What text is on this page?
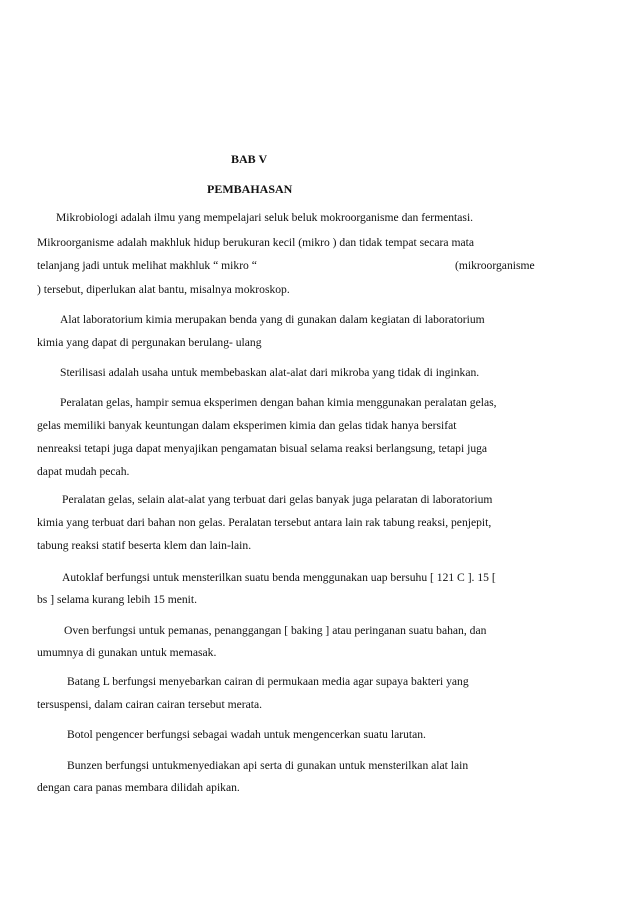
BAB V
PEMBAHASAN
Mikrobiologi adalah ilmu yang mempelajari seluk beluk mokroorganisme dan fermentasi.
Mikroorganisme adalah makhluk hidup berukuran kecil (mikro ) dan tidak tempat secara mata
telanjang jadi untuk melihat makhluk “ mikro “	(mikroorganisme
) tersebut, diperlukan alat bantu, misalnya mokroskop.
Alat laboratorium kimia merupakan benda yang di gunakan dalam kegiatan di laboratorium
kimia yang dapat di pergunakan berulang- ulang
Sterilisasi adalah usaha untuk membebaskan alat-alat dari mikroba yang tidak di inginkan.
Peralatan gelas, hampir semua eksperimen dengan bahan kimia menggunakan peralatan gelas,
gelas memiliki banyak keuntungan dalam eksperimen kimia dan gelas tidak hanya bersifat
nenreaksi tetapi juga dapat menyajikan pengamatan bisual selama reaksi berlangsung, tetapi juga
dapat mudah pecah.
Peralatan gelas, selain alat-alat yang terbuat dari gelas banyak juga pelaratan di laboratorium
kimia yang terbuat dari bahan non gelas. Peralatan tersebut antara lain rak tabung reaksi, penjepit,
tabung reaksi statif beserta klem dan lain-lain.
Autoklaf berfungsi untuk mensterilkan suatu benda menggunakan uap bersuhu [ 121 C ]. 15 [
bs ] selama kurang lebih 15 menit.
Oven berfungsi untuk pemanas, penanggangan [ baking ] atau peringanan suatu bahan, dan
umumnya di gunakan untuk memasak.
Batang L berfungsi menyebarkan cairan di permukaan media agar supaya bakteri yang
tersuspensi, dalam cairan cairan tersebut merata.
Botol pengencer berfungsi sebagai wadah untuk mengencerkan suatu larutan.
Bunzen berfungsi untukmenyediakan api serta di gunakan untuk mensterilkan alat lain
dengan cara panas membara dilidah apikan.
